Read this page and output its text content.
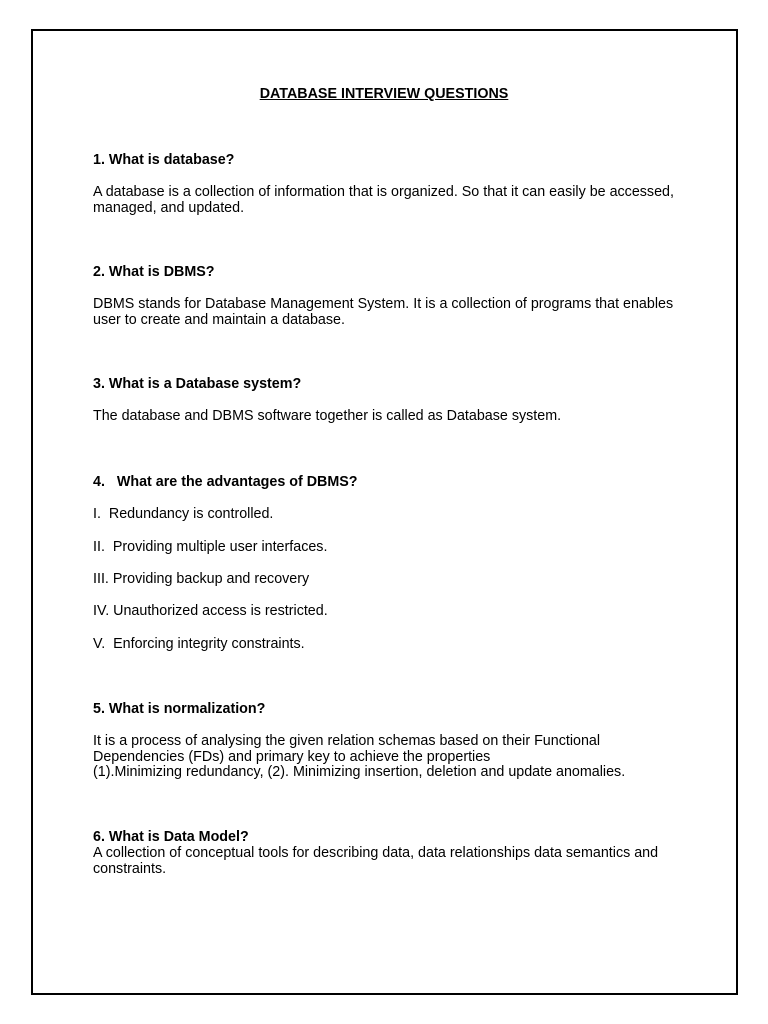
DATABASE INTERVIEW QUESTIONS
1. What is database?
A database is a collection of information that is organized. So that it can easily be accessed,
managed, and updated.
2. What is DBMS?
DBMS stands for Database Management System. It is a collection of programs that enables
user to create and maintain a database.
3. What is a Database system?
The database and DBMS software together is called as Database system.
4.   What are the advantages of DBMS?
I.  Redundancy is controlled.
II.  Providing multiple user interfaces.
III. Providing backup and recovery
IV. Unauthorized access is restricted.
V.  Enforcing integrity constraints.
5. What is normalization?
It is a process of analysing the given relation schemas based on their Functional
Dependencies (FDs) and primary key to achieve the properties
(1).Minimizing redundancy, (2). Minimizing insertion, deletion and update anomalies.
6. What is Data Model?
A collection of conceptual tools for describing data, data relationships data semantics and
constraints.
